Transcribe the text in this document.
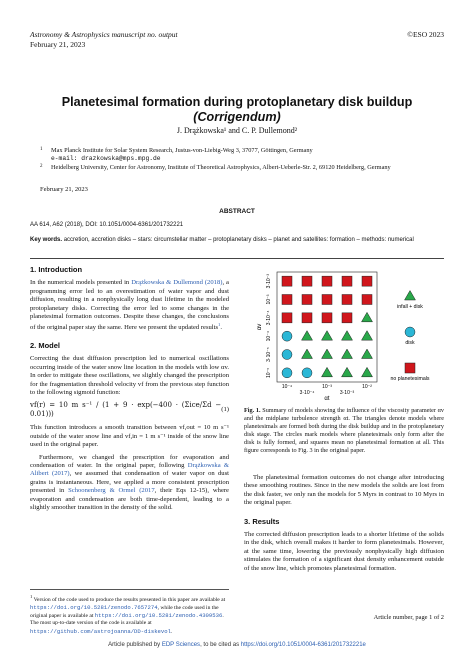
Astronomy & Astrophysics manuscript no. output
February 21, 2023
©ESO 2023
Planetesimal formation during protoplanetary disk buildup
(Corrigendum)
J. Drążkowska¹ and C. P. Dullemond²
1 Max Planck Institute for Solar System Research, Justus-von-Liebig-Weg 3, 37077, Göttingen, Germany
e-mail: drazkowska@mps.mpg.de
2 Heidelberg University, Center for Astronomy, Institute of Theoretical Astrophysics, Albert-Ueberle-Str. 2, 69120 Heidelberg, Germany
February 21, 2023
ABSTRACT
AA 614, A62 (2018), DOI: 10.1051/0004-6361/201732221
Key words. accretion, accretion disks – stars: circumstellar matter – protoplanetary disks – planet and satellites: formation – methods: numerical
1. Introduction

In the numerical models presented in Drążkowska & Dullemond (2018), a programming error led to an overestimation of water vapor and dust diffusion, resulting in a nonphysically long dust lifetime in the modeled protoplanetary disks. Correcting the error led to some changes in the planetesimal formation outcomes. Despite these changes, the conclusions of the original paper stay the same. Here we present the updated results$^1$.

2. Model

Correcting the dust diffusion prescription led to numerical oscillations occurring inside of the water snow line location in the models with low αv. In order to mitigate these oscillations, we slightly changed the prescription for the fragmentation threshold velocity vf from the previous step function to the following sigmoid function:

vf(r) = 10 m s⁻¹ / (1 + 9 · exp(−400 · (Σice/Σd − 0.01)))
(1)

This function introduces a smooth transition between vf,out = 10 m s⁻¹ outside of the water snow line and vf,in = 1 m s⁻¹ inside of the snow line used in the original paper.

Furthermore, we changed the prescription for evaporation and condensation of water. In the original paper, following Drążkowska & Alibert (2017), we assumed that condensation of water vapor on dust grains is instantaneous. Here, we applied a more consistent prescription presented in Schoonenberg & Ormel (2017, their Eqs 12-15), where evaporation and condensation are both time-dependent, leading to a slightly smoother transition in the density of the solid.

$^1$ Version of the code used to produce the results presented in this paper are available at https://doi.org/10.5281/zenodo.7657274, while the code used in the original paper is available at https://doi.org/10.5281/zenodo.4309536. The most up-to-date version of the code is available at https://github.com/astrojoanna/DD-diskevol.
10⁻⁵
3·10⁻⁵
10⁻⁴
3·10⁻⁴
10⁻³
3·10⁻³
αv
10⁻⁴
3·10⁻⁴
10⁻³
3·10⁻³
10⁻²
αt
infall + disk
disk
no planetesimals
Fig. 1. Summary of models showing the influence of the viscosity parameter αv and the midplane turbulence strength αt. The triangles denote models where planetesimals are formed both during the disk buildup and in the protoplanetary disk stage. The circles mark models where planetesimals only form after the disk is fully formed, and squares mean no planetesimal formation at all. This figure corresponds to Fig. 3 in the original paper.

The planetesimal formation outcomes do not change after introducing these smoothing routines. Since in the new models the solids are lost from the disk faster, we only ran the models for 5 Myrs in contrast to 10 Myrs in the original paper.

3. Results

The corrected diffusion prescription leads to a shorter lifetime of the solids in the disk, which overall makes it harder to form planetesimals. However, at the same time, lowering the previously nonphysically high diffusion stimulates the formation of a significant dust density enhancement outside of the snow line, which promotes planetesimal formation.

Article number, page 1 of 2
Article published by EDP Sciences, to be cited as https://doi.org/10.1051/0004-6361/201732221e
